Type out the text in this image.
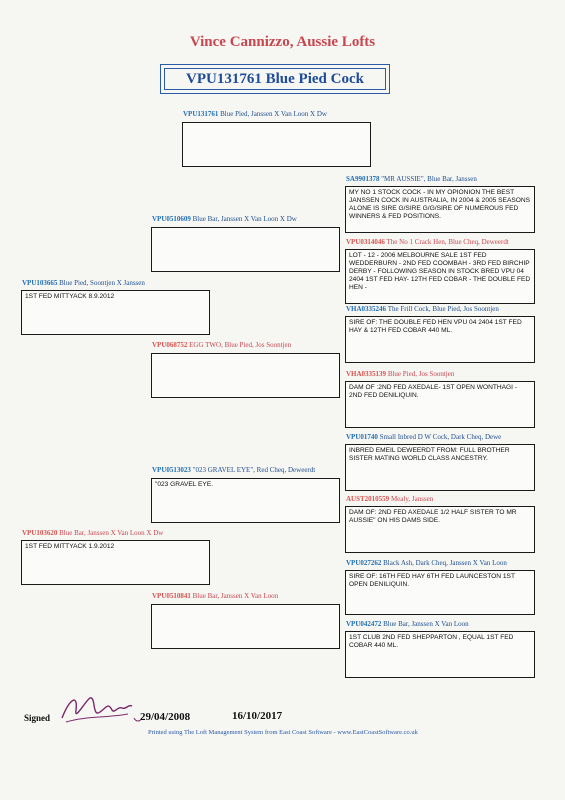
Vince Cannizzo, Aussie Lofts
VPU131761 Blue Pied Cock
VPU131761 Blue Pied, Janssen X Van Loon X Dw
VPU0510609 Blue Bar, Janssen X Van Loon X Dw
VPU103665 Blue Pied, Soontjen X Janssen
1ST FED MITTYACK 8.9.2012
VPU103620 Blue Bar, Janssen X Van Loon X Dw
1ST FED MITTYACK 1.9.2012
VPU068752 EGG TWO, Blue Pied, Jos Soontjen
VPU0513023 "023 GRAVEL EYE", Red Cheq, Deweerdt
"023 GRAVEL EYE.
VPU0510841 Blue Bar, Janssen X Van Loon
SA9901378 "MR AUSSIE", Blue Bar, Janssen
MY NO 1 STOCK COCK - IN MY OPIONION THE BEST JANSSEN COCK IN AUSTRALIA, IN 2004 & 2005 SEASONS ALONE IS SIRE G/SIRE G/G/SIRE OF NUMEROUS FED WINNERS & FED POSITIONS.
VPU0314046 The No 1 Crack Hen, Blue Cheq, Deweerdt
LOT - 12 - 2006 MELBOURNE SALE 1ST FED WEDDERBURN - 2ND FED COOMBAH - 3RD FED BIRCHIP DERBY - FOLLOWING SEASON IN STOCK BRED VPU 04 2404 1ST FED HAY- 12TH FED COBAR - THE DOUBLE FED HEN -
VHA0335246 The Frill Cock, Blue Pied, Jos Soontjen
SIRE OF: THE DOUBLE FED HEN VPU 04 2404 1ST FED HAY & 12TH FED COBAR 440 ML.
VHA0335139 Blue Pied, Jos Soontjen
DAM OF :2ND FED AXEDALE- 1ST OPEN WONTHAGI - 2ND FED DENILIQUIN.
VPU01740 Small Inbred D W Cock, Dark Cheq, Dewe
INBRED EMEIL DEWEERDT FROM: FULL BROTHER SISTER MATING WORLD CLASS ANCESTRY.
AUST2010559 Mealy, Janssen
DAM OF: 2ND FED AXEDALE 1/2 HALF SISTER TO MR AUSSIE" ON HIS DAMS SIDE.
VPU027262 Black Ash, Dark Cheq, Janssen X Van Loon
SIRE OF: 16TH FED HAY 6TH FED LAUNCESTON 1ST OPEN DENILIQUIN.
VPU042472 Blue Bar, Janssen X Van Loon
1ST CLUB 2ND FED SHEPPARTON , EQUAL 1ST FED COBAR 440 ML.
Signed	29/04/2008	16/10/2017
Printed using The Loft Management System from East Coast Software - www.EastCoastSoftware.co.uk
